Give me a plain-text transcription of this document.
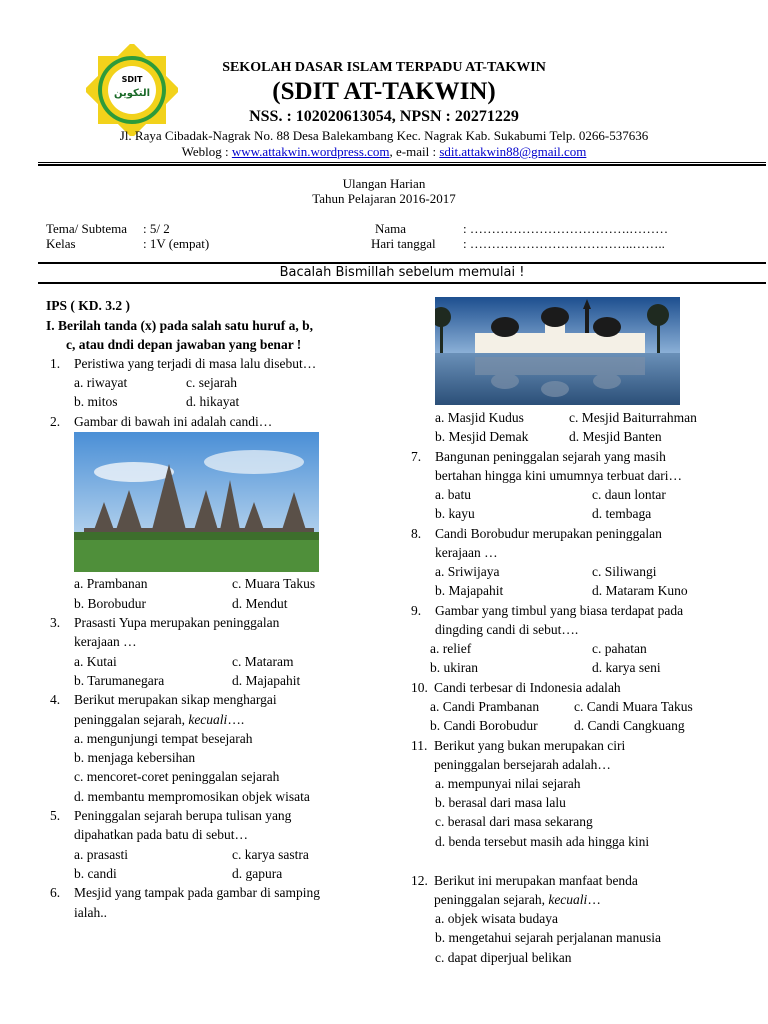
SDIT
التكوين
SEKOLAH DASAR ISLAM TERPADU AT-TAKWIN
(SDIT AT-TAKWIN)
NSS. : 102020613054, NPSN : 20271229
Jl. Raya Cibadak-Nagrak No. 88 Desa Balekambang Kec. Nagrak Kab. Sukabumi Telp. 0266-537636
Weblog : www.attakwin.wordpress.com, e-mail : sdit.attakwin88@gmail.com
Ulangan Harian
Tahun Pelajaran 2016-2017
Tema/ Subtema : 5/ 2
Kelas	: 1V (empat)
Nama	: ……………………………….………
Hari tanggal : ………………………………..……..
Bacalah Bismillah sebelum memulai !
IPS ( KD. 3.2 )
I. Berilah tanda (x) pada salah satu huruf a, b,
c, atau dndi depan jawaban yang benar !
1. Peristiwa yang terjadi di masa lalu disebut…
a. riwayat	c. sejarah
b. mitos	d. hikayat
2. Gambar di bawah ini adalah candi…
a. Prambanan	c. Muara Takus
b. Borobudur	d. Mendut
3. Prasasti Yupa merupakan peninggalan
kerajaan …
a. Kutai	c. Mataram
b. Tarumanegara	d. Majapahit
4. Berikut merupakan sikap menghargai
peninggalan sejarah, kecuali….
a. mengunjungi tempat besejarah
b. menjaga kebersihan
c. mencoret-coret peninggalan sejarah
d. membantu mempromosikan objek wisata
5. Peninggalan sejarah berupa tulisan yang
dipahatkan pada batu di sebut…
a. prasasti	c. karya sastra
b. candi	d. gapura
6. Mesjid yang tampak pada gambar di samping
ialah..
a. Masjid Kudus	c. Mesjid Baiturrahman
b. Mesjid Demak	d. Mesjid Banten
7. Bangunan peninggalan sejarah yang masih
bertahan hingga kini umumnya terbuat dari…
a. batu	c. daun lontar
b. kayu	d. tembaga
8. Candi Borobudur merupakan peninggalan
kerajaan …
a. Sriwijaya	c. Siliwangi
b. Majapahit	d. Mataram Kuno
9. Gambar yang timbul yang biasa terdapat pada
dingding candi di sebut….
a. relief	c. pahatan
b. ukiran	d. karya seni
10. Candi terbesar di Indonesia adalah
a. Candi Prambanan	c. Candi Muara Takus
b. Candi Borobudur	d. Candi Cangkuang
11. Berikut yang bukan merupakan ciri
peninggalan bersejarah adalah…
a. mempunyai nilai sejarah
b. berasal dari masa lalu
c. berasal dari masa sekarang
d. benda tersebut masih ada hingga kini
12. Berikut ini merupakan manfaat benda
peninggalan sejarah, kecuali…
a. objek wisata budaya
b. mengetahui sejarah perjalanan manusia
c. dapat diperjual belikan
